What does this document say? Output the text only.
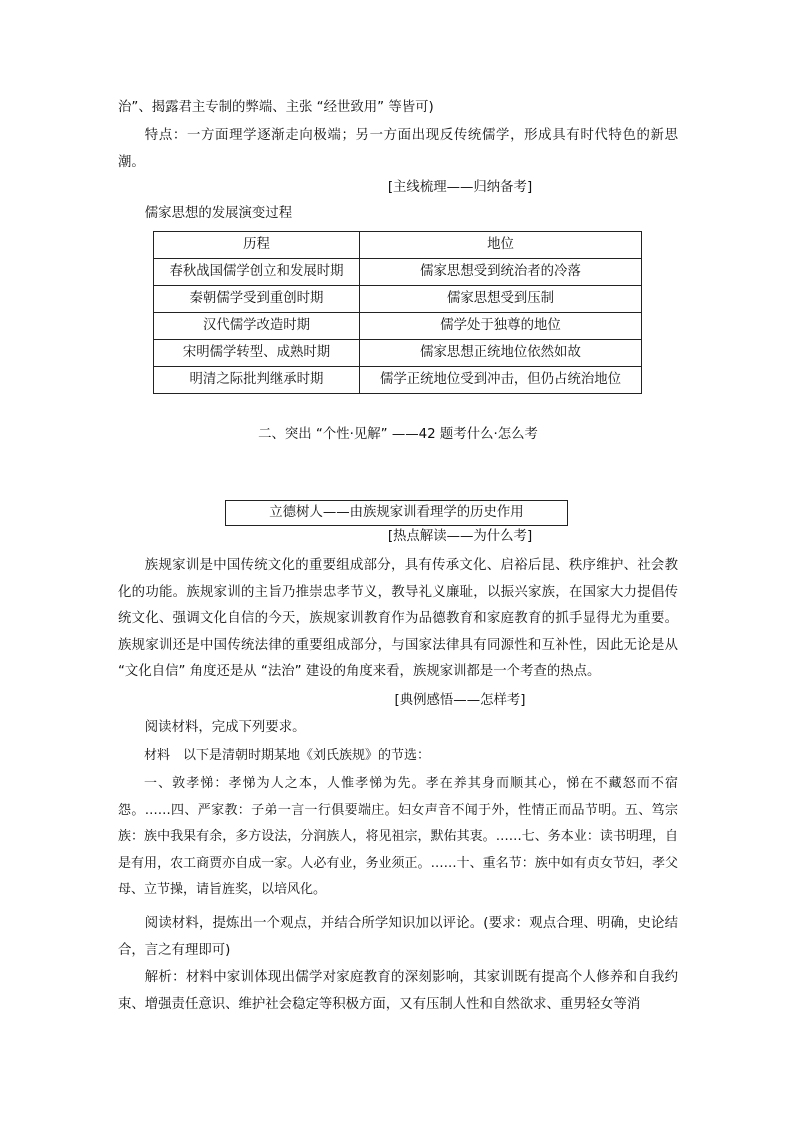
治”、揭露君主专制的弊端、主张 “经世致用” 等皆可)

特点：一方面理学逐渐走向极端；另一方面出现反传统儒学，形成具有时代特色的新思潮。

[主线梳理——归纳备考]

儒家思想的发展演变过程

历程	地位
春秋战国儒学创立和发展时期	儒家思想受到统治者的冷落
秦朝儒学受到重创时期	儒家思想受到压制
汉代儒学改造时期	儒学处于独尊的地位
宋明儒学转型、成熟时期	儒家思想正统地位依然如故
明清之际批判继承时期	儒学正统地位受到冲击，但仍占统治地位

二、突出 “个性·见解” ——42 题考什么·怎么考

立德树人——由族规家训看理学的历史作用

[热点解读——为什么考]

族规家训是中国传统文化的重要组成部分，具有传承文化、启裕后昆、秩序维护、社会教化的功能。族规家训的主旨乃推崇忠孝节义，教导礼义廉耻，以振兴家族，在国家大力提倡传统文化、强调文化自信的今天，族规家训教育作为品德教育和家庭教育的抓手显得尤为重要。族规家训还是中国传统法律的重要组成部分，与国家法律具有同源性和互补性，因此无论是从 “文化自信” 角度还是从 “法治” 建设的角度来看，族规家训都是一个考查的热点。

[典例感悟——怎样考]

阅读材料，完成下列要求。

材料　以下是清朝时期某地《刘氏族规》的节选：

一、敦孝悌：孝悌为人之本，人惟孝悌为先。孝在养其身而顺其心，悌在不藏怒而不宿怨。……四、严家教：子弟一言一行俱要端庄。妇女声音不闻于外，性情正而品节明。五、笃宗族：族中我果有余，多方设法，分润族人，将见祖宗，默佑其衷。……七、务本业：读书明理，自是有用，农工商贾亦自成一家。人必有业，务业须正。……十、重名节：族中如有贞女节妇，孝父母、立节操，请旨旌奖，以培风化。

阅读材料，提炼出一个观点，并结合所学知识加以评论。(要求：观点合理、明确，史论结合，言之有理即可)

解析：材料中家训体现出儒学对家庭教育的深刻影响，其家训既有提高个人修养和自我约束、增强责任意识、维护社会稳定等积极方面，又有压制人性和自然欲求、重男轻女等消
